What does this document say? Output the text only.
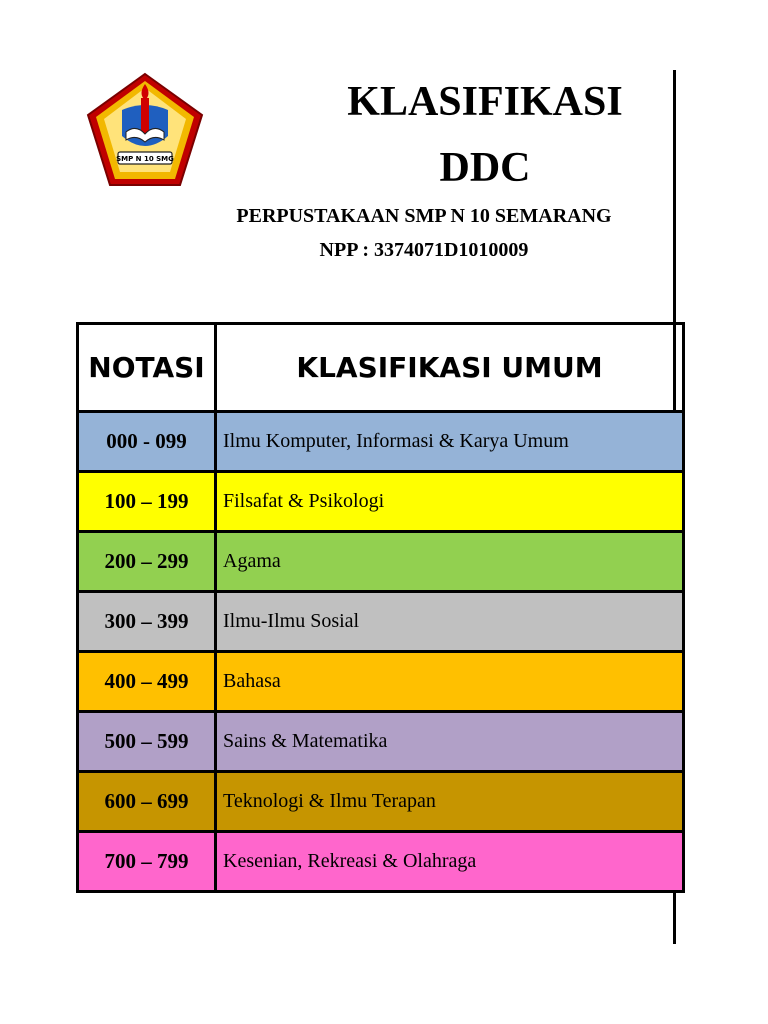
SMP N 10 SMG
KLASIFIKASI
DDC
PERPUSTAKAAN SMP N 10 SEMARANG
NPP : 3374071D1010009
NOTASI	KLASIFIKASI UMUM
000 - 099	Ilmu Komputer, Informasi & Karya Umum
100 – 199	Filsafat & Psikologi
200 – 299	Agama
300 – 399	Ilmu-Ilmu Sosial
400 – 499	Bahasa
500 – 599	Sains & Matematika
600 – 699	Teknologi & Ilmu Terapan
700 – 799	Kesenian, Rekreasi & Olahraga
